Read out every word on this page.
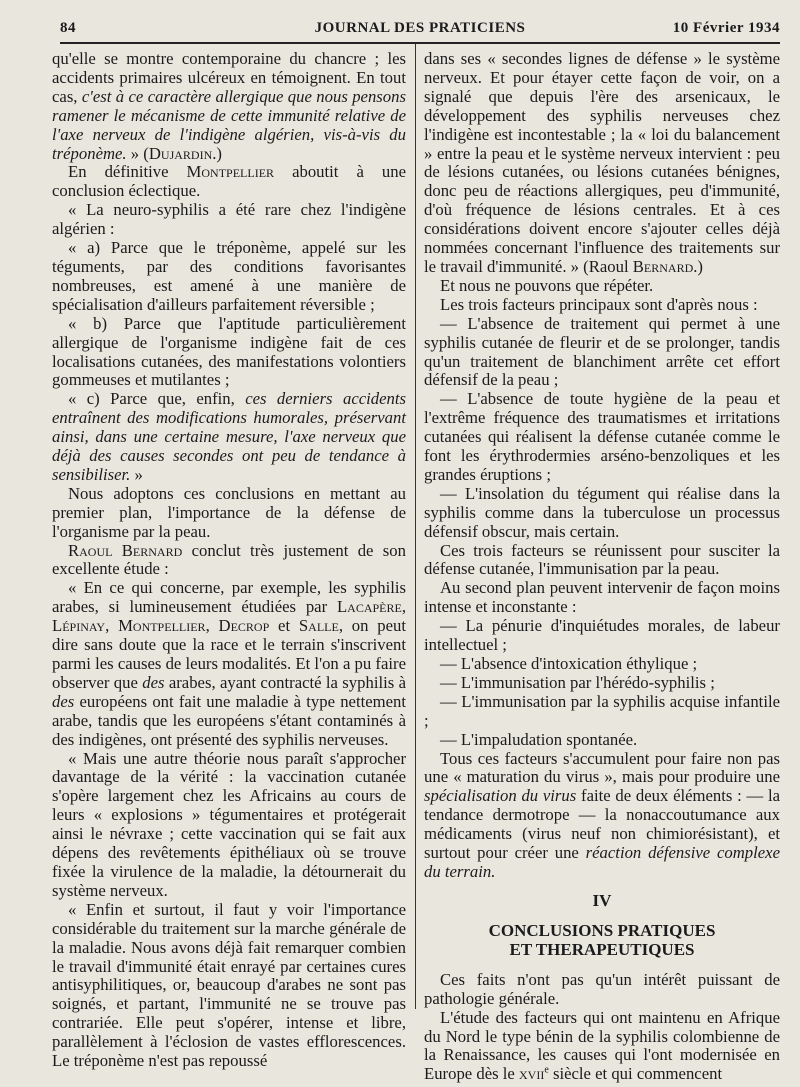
84	JOURNAL DES PRATICIENS	10 Février 1934

qu'elle se montre contemporaine du chancre ; les accidents primaires ulcéreux en témoignent. En tout cas, c'est à ce caractère allergique que nous pensons ramener le mécanisme de cette immunité relative de l'axe nerveux de l'indigène algérien, vis-à-vis du tréponème. » (Dujardin.)

En définitive Montpellier aboutit à une conclusion éclectique.

« La neuro-syphilis a été rare chez l'indigène algérien :

« a) Parce que le tréponème, appelé sur les téguments, par des conditions favorisantes nombreuses, est amené à une manière de spécialisation d'ailleurs parfaitement réversible ;

« b) Parce que l'aptitude particulièrement allergique de l'organisme indigène fait de ces localisations cutanées, des manifestations volontiers gommeuses et mutilantes ;

« c) Parce que, enfin, ces derniers accidents entraînent des modifications humorales, préservant ainsi, dans une certaine mesure, l'axe nerveux que déjà des causes secondes ont peu de tendance à sensibiliser. »

Nous adoptons ces conclusions en mettant au premier plan, l'importance de la défense de l'organisme par la peau.

Raoul Bernard conclut très justement de son excellente étude :

« En ce qui concerne, par exemple, les syphilis arabes, si lumineusement étudiées par Lacapère, Lépinay, Montpellier, Decrop et Salle, on peut dire sans doute que la race et le terrain s'inscrivent parmi les causes de leurs modalités. Et l'on a pu faire observer que des arabes, ayant contracté la syphilis à des européens ont fait une maladie à type nettement arabe, tandis que les européens s'étant contaminés à des indigènes, ont présenté des syphilis nerveuses.

« Mais une autre théorie nous paraît s'approcher davantage de la vérité : la vaccination cutanée s'opère largement chez les Africains au cours de leurs « explosions » tégumentaires et protégerait ainsi le névraxe ; cette vaccination qui se fait aux dépens des revêtements épithéliaux où se trouve fixée la virulence de la maladie, la détournerait du système nerveux.

« Enfin et surtout, il faut y voir l'importance considérable du traitement sur la marche générale de la maladie. Nous avons déjà fait remarquer combien le travail d'immunité était enrayé par certaines cures antisyphilitiques, or, beaucoup d'arabes ne sont pas soignés, et partant, l'immunité ne se trouve pas contrariée. Elle peut s'opérer, intense et libre, parallèlement à l'éclosion de vastes efflorescences. Le tréponème n'est pas repoussé

dans ses « secondes lignes de défense » le système nerveux. Et pour étayer cette façon de voir, on a signalé que depuis l'ère des arsenicaux, le développement des syphilis nerveuses chez l'indigène est incontestable ; la « loi du balancement » entre la peau et le système nerveux intervient : peu de lésions cutanées, ou lésions cutanées bénignes, donc peu de réactions allergiques, peu d'immunité, d'où fréquence de lésions centrales. Et à ces considérations doivent encore s'ajouter celles déjà nommées concernant l'influence des traitements sur le travail d'immunité. » (Raoul Bernard.)

Et nous ne pouvons que répéter.

Les trois facteurs principaux sont d'après nous :

— L'absence de traitement qui permet à une syphilis cutanée de fleurir et de se prolonger, tandis qu'un traitement de blanchiment arrête cet effort défensif de la peau ;

— L'absence de toute hygiène de la peau et l'extrême fréquence des traumatismes et irritations cutanées qui réalisent la défense cutanée comme le font les érythrodermies arséno-benzoliques et les grandes éruptions ;

— L'insolation du tégument qui réalise dans la syphilis comme dans la tuberculose un processus défensif obscur, mais certain.

Ces trois facteurs se réunissent pour susciter la défense cutanée, l'immunisation par la peau.

Au second plan peuvent intervenir de façon moins intense et inconstante :

— La pénurie d'inquiétudes morales, de labeur intellectuel ;

— L'absence d'intoxication éthylique ;

— L'immunisation par l'hérédo-syphilis ;

— L'immunisation par la syphilis acquise infantile ;

— L'impaludation spontanée.

Tous ces facteurs s'accumulent pour faire non pas une « maturation du virus », mais pour produire une spécialisation du virus faite de deux éléments : — la tendance dermotrope — la nonaccoutumance aux médicaments (virus neuf non chimiorésistant), et surtout pour créer une réaction défensive complexe du terrain.

IV
CONCLUSIONS PRATIQUES
ET THERAPEUTIQUES

Ces faits n'ont pas qu'un intérêt puissant de pathologie générale.

L'étude des facteurs qui ont maintenu en Afrique du Nord le type bénin de la syphilis colombienne de la Renaissance, les causes qui l'ont modernisée en Europe dès le xvii$^e$ siècle et qui commencent
